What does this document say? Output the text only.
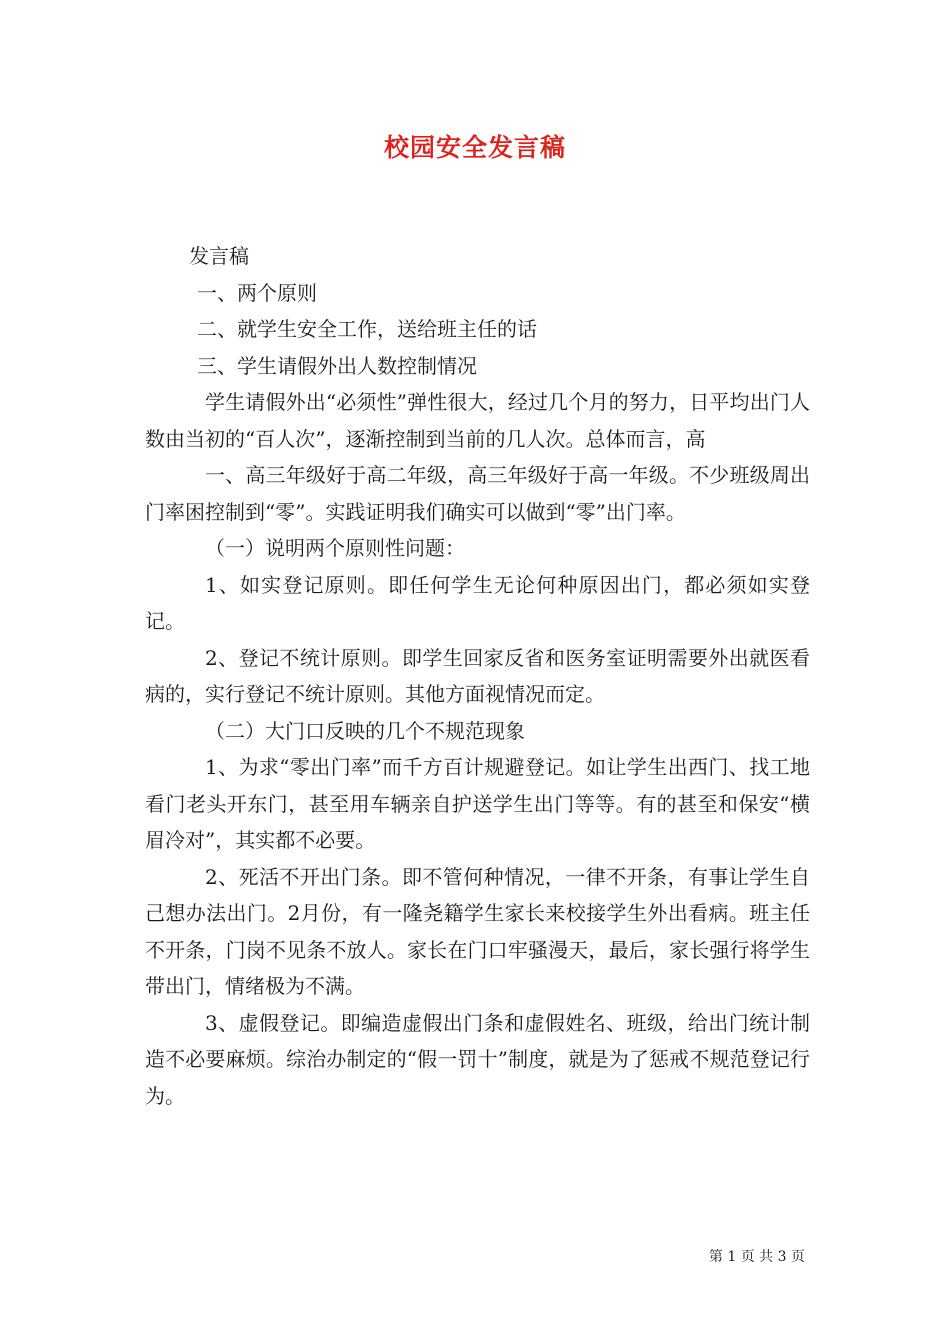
校园安全发言稿

发言稿

一、两个原则

二、就学生安全工作，送给班主任的话

三、学生请假外出人数控制情况

学生请假外出“必须性”弹性很大，经过几个月的努力，日平均出门人数由当初的“百人次”，逐渐控制到当前的几人次。总体而言，高

一、高三年级好于高二年级，高三年级好于高一年级。不少班级周出门率困控制到“零”。实践证明我们确实可以做到“零”出门率。

（一）说明两个原则性问题：

1、如实登记原则。即任何学生无论何种原因出门，都必须如实登记。

2、登记不统计原则。即学生回家反省和医务室证明需要外出就医看病的，实行登记不统计原则。其他方面视情况而定。

（二）大门口反映的几个不规范现象

1、为求“零出门率”而千方百计规避登记。如让学生出西门、找工地看门老头开东门，甚至用车辆亲自护送学生出门等等。有的甚至和保安“横眉冷对”，其实都不必要。

2、死活不开出门条。即不管何种情况，一律不开条，有事让学生自己想办法出门。2月份，有一隆尧籍学生家长来校接学生外出看病。班主任不开条，门岗不见条不放人。家长在门口牢骚漫天，最后，家长强行将学生带出门，情绪极为不满。

3、虚假登记。即编造虚假出门条和虚假姓名、班级，给出门统计制造不必要麻烦。综治办制定的“假一罚十”制度，就是为了惩戒不规范登记行为。

第 1 页 共 3 页
